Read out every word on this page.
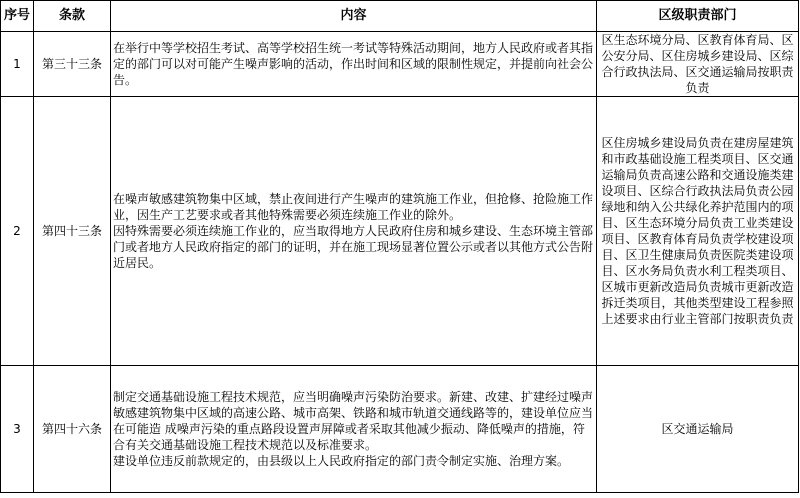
序号	条款	内容	区级职责部门
1	第三十三条	在举行中等学校招生考试、高等学校招生统一考试等特殊活动期间，地方人民政府或者其指定的部门可以对可能产生噪声影响的活动，作出时间和区域的限制性规定，并提前向社会公告。	区生态环境分局、区教育体育局、区公安分局、区住房城乡建设局、区综合行政执法局、区交通运输局按职责负责
2	第四十三条	在噪声敏感建筑物集中区域，禁止夜间进行产生噪声的建筑施工作业，但抢修、抢险施工作业，因生产工艺要求或者其他特殊需要必须连续施工作业的除外。
因特殊需要必须连续施工作业的，应当取得地方人民政府住房和城乡建设、生态环境主管部门或者地方人民政府指定的部门的证明，并在施工现场显著位置公示或者以其他方式公告附近居民。	区住房城乡建设局负责在建房屋建筑和市政基础设施工程类项目、区交通运输局负责高速公路和交通设施类建设项目、区综合行政执法局负责公园绿地和纳入公共绿化养护范围内的项目、区生态环境分局负责工业类建设项目、区教育体育局负责学校建设项目、区卫生健康局负责医院类建设项目、区水务局负责水利工程类项目、区城市更新改造局负责城市更新改造拆迁类项目，其他类型建设工程参照上述要求由行业主管部门按职责负责
3	第四十六条	制定交通基础设施工程技术规范，应当明确噪声污染防治要求。新建、改建、扩建经过噪声敏感建筑物集中区域的高速公路、城市高架、铁路和城市轨道交通线路等的，建设单位应当在可能造 成噪声污染的重点路段设置声屏障或者采取其他减少振动、降低噪声的措施，符合有关交通基础设施工程技术规范以及标准要求。
建设单位违反前款规定的，由县级以上人民政府指定的部门责令制定实施、治理方案。	区交通运输局
